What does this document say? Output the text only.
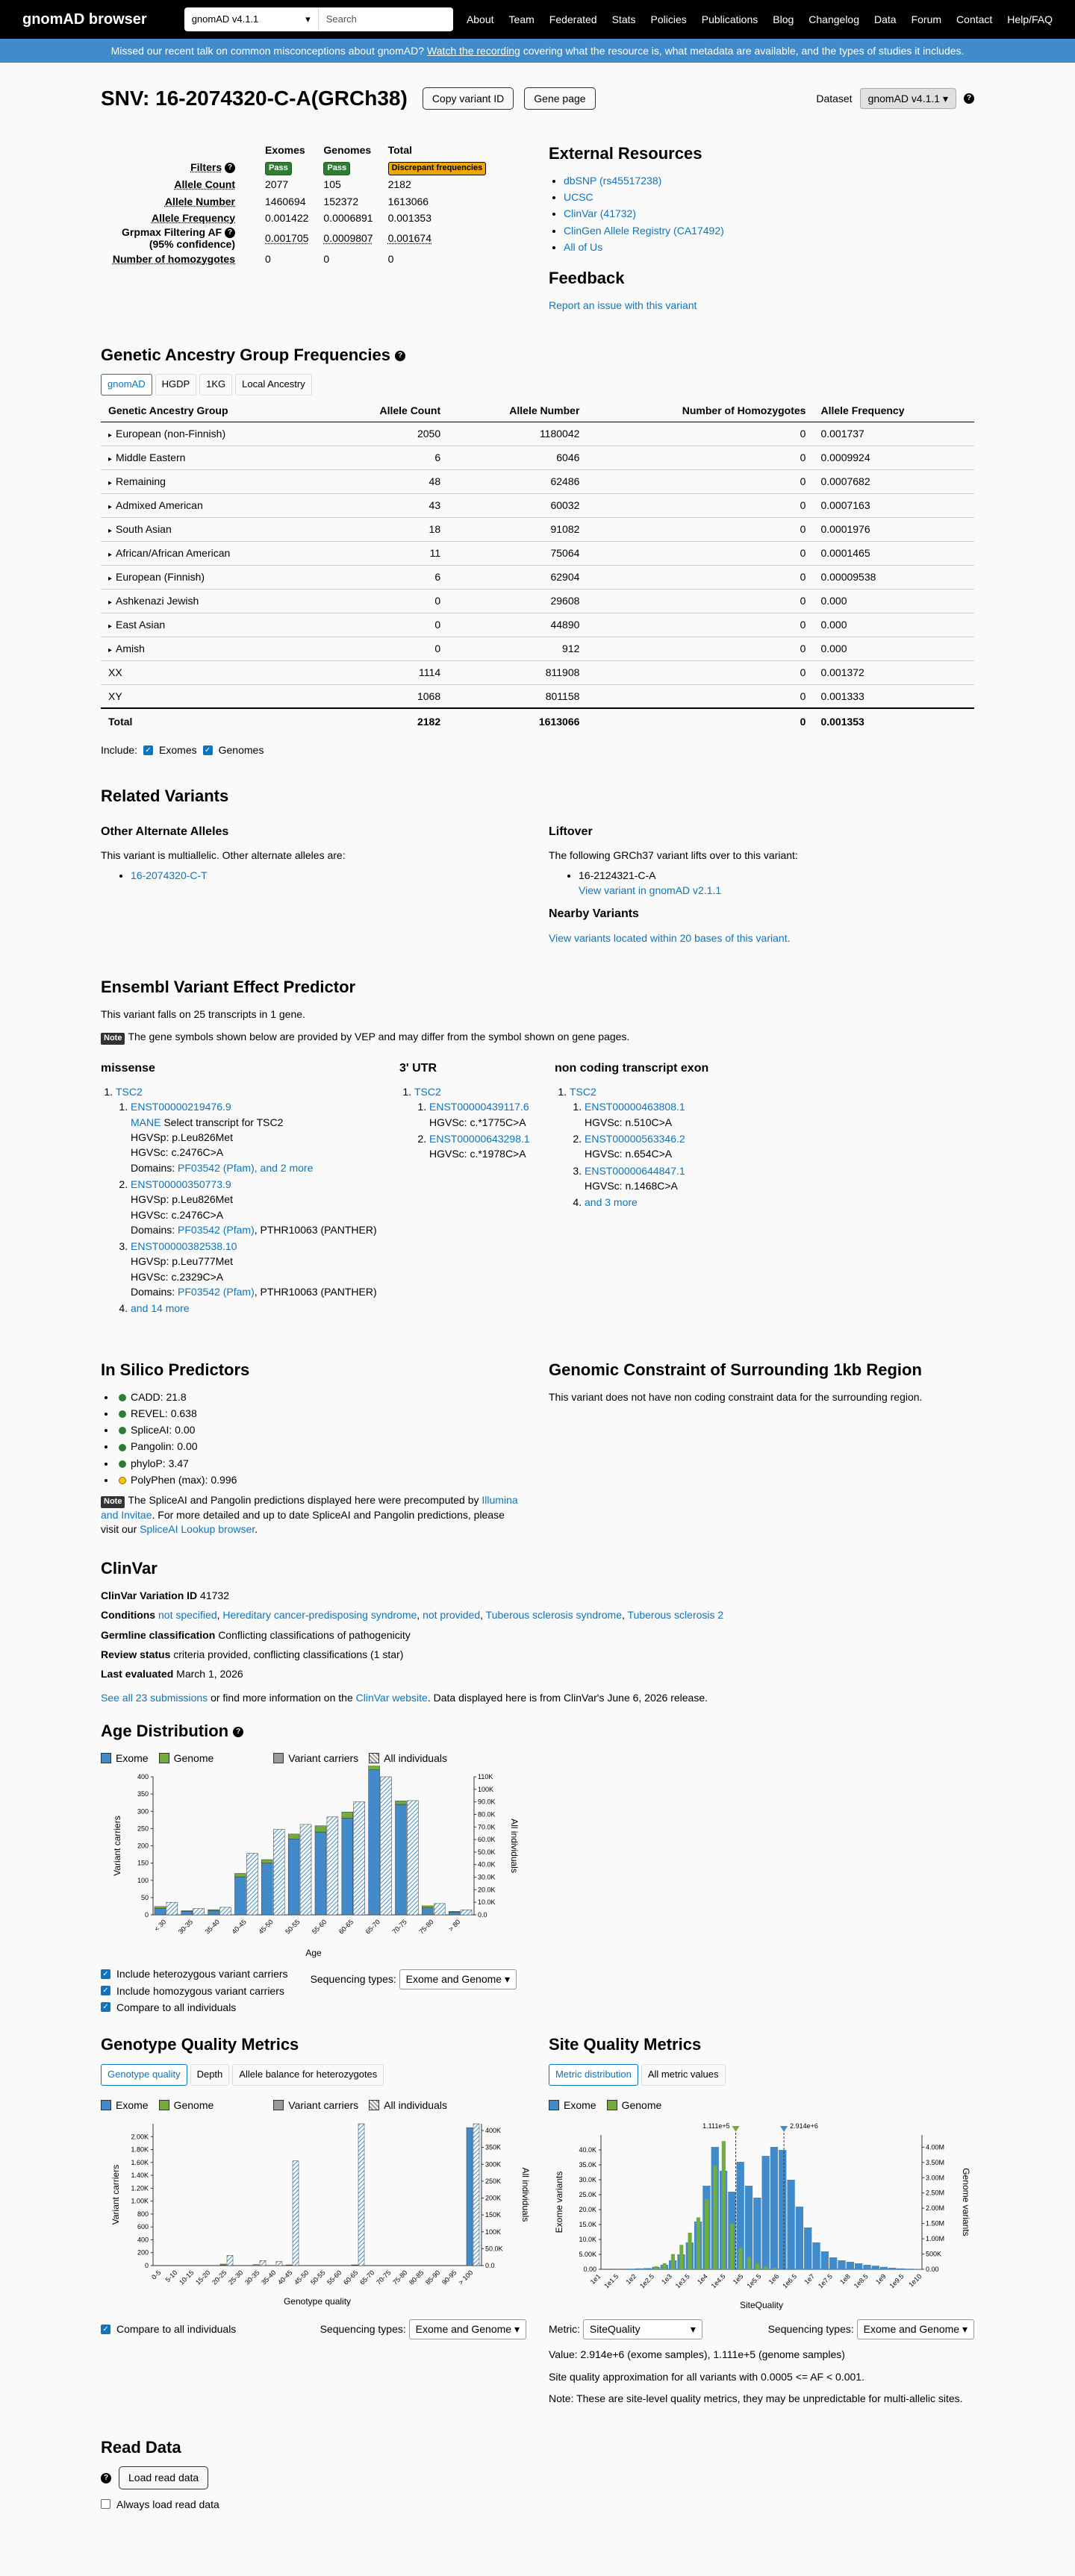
gnomAD browser	gnomAD v4.1.1	▾ Search	About Team Federated Stats Policies Publications Blog Changelog Data Forum Contact Help/FAQ
Missed our recent talk on common misconceptions about gnomAD? Watch the recording covering what the resource is, what metadata are available, and the types of studies it includes.
SNV: 16-2074320-C-A(GRCh38)	Copy variant ID	Gene page	Dataset	gnomAD v4.1.1 ▾	?
	Exomes	Genomes	Total
Filters ?	Pass	Pass	Discrepant frequencies
Allele Count	2077	105	2182
Allele Number	1460694	152372	1613066
Allele Frequency	0.001422	0.0006891	0.001353
Grpmax Filtering AF ?
(95% confidence)	0.001705	0.0009807	0.001674
Number of homozygotes	0	0	0
External Resources
• dbSNP (rs45517238)
• UCSC
• ClinVar (41732)
• ClinGen Allele Registry (CA17492)
• All of Us
Feedback
Report an issue with this variant
Genetic Ancestry Group Frequencies ?
gnomAD	HGDP	1KG	Local Ancestry
Genetic Ancestry Group	Allele Count	Allele Number	Number of Homozygotes	Allele Frequency
▸ European (non-Finnish)	2050	1180042	0	0.001737
▸ Middle Eastern	6	6046	0	0.0009924
▸ Remaining	48	62486	0	0.0007682
▸ Admixed American	43	60032	0	0.0007163
▸ South Asian	18	91082	0	0.0001976
▸ African/African American	11	75064	0	0.0001465
▸ European (Finnish)	6	62904	0	0.00009538
▸ Ashkenazi Jewish	0	29608	0	0.000
▸ East Asian	0	44890	0	0.000
▸ Amish	0	912	0	0.000
XX	1114	811908	0	0.001372
XY	1068	801158	0	0.001333
Total	2182	1613066	0	0.001353
Include: ✓ Exomes ✓ Genomes
Related Variants
Other Alternate Alleles

This variant is multiallelic. Other alternate alleles are:

• 16-2074320-C-T
Liftover

The following GRCh37 variant lifts over to this variant:

• 16-2124321-C-A
View variant in gnomAD v2.1.1
Nearby Variants
View variants located within 20 bases of this variant.
Ensembl Variant Effect Predictor

This variant falls on 25 transcripts in 1 gene.

Note The gene symbols shown below are provided by VEP and may differ from the symbol shown on gene pages.

missense
1. TSC2
1. ENST00000219476.9
MANE Select transcript for TSC2
HGVSp: p.Leu826Met
HGVSc: c.2476C>A
Domains: PF03542 (Pfam), and 2 more
2. ENST00000350773.9
HGVSp: p.Leu826Met
HGVSc: c.2476C>A
Domains: PF03542 (Pfam), PTHR10063 (PANTHER)
3. ENST00000382538.10
HGVSp: p.Leu777Met
HGVSc: c.2329C>A
Domains: PF03542 (Pfam), PTHR10063 (PANTHER)
4. and 14 more
3' UTR
1. TSC2
1. ENST00000439117.6
HGVSc: c.*1775C>A
2. ENST00000643298.1
HGVSc: c.*1978C>A
non coding transcript exon
1. TSC2
1. ENST00000463808.1
HGVSc: n.510C>A
2. ENST00000563346.2
HGVSc: n.654C>A
3. ENST00000644847.1
HGVSc: n.1468C>A
4. and 3 more
In Silico Predictors
• CADD: 21.8
• REVEL: 0.638
• SpliceAI: 0.00
• Pangolin: 0.00
• phyloP: 3.47
• PolyPhen (max): 0.996

Note The SpliceAI and Pangolin predictions displayed here were precomputed by Illumina and Invitae. For more detailed and up to date SpliceAI and Pangolin predictions, please visit our SpliceAI Lookup browser.

Genomic Constraint of Surrounding 1kb Region

This variant does not have non coding constraint data for the surrounding region.

ClinVar

ClinVar Variation ID 41732

Conditions not specified, Hereditary cancer-predisposing syndrome, not provided, Tuberous sclerosis syndrome, Tuberous sclerosis 2

Germline classification Conflicting classifications of pathogenicity

Review status criteria provided, conflicting classifications (1 star)

Last evaluated March 1, 2026

See all 23 submissions or find more information on the ClinVar website. Data displayed here is from ClinVar's June 6, 2026 release.

Age Distribution ?
Exome Genome	Variant carriers All individuals
0
50
100
150
200
250
300
350
400
0.0
10.0K
20.0K
30.0K
40.0K
50.0K
60.0K
70.0K
80.0K
90.0K
100K
110K
< 30 30-35 35-40 40-45 45-50 50-55 55-60 60-65 65-70 70-75 75-80 > 80
Variant carriers	All individuals
Age
✓ Include heterozygous variant carriers
✓ Include homozygous variant carriers
✓ Compare to all individuals
Sequencing types: Exome and Genome ▾
Genotype Quality Metrics
Genotype quality	Depth	Allele balance for heterozygotes
Exome Genome	Variant carriers All individuals
0
200
400
600
800
1.00K
1.20K
1.40K
1.60K
1.80K
2.00K
0.0
50.0K
100K
150K
200K
250K
300K
350K
400K
0-5 5-10
10-15
15-20
20-25
25-30
30-35
35-40
40-45
45-50
50-55
55-60
60-65
65-70
70-75
75-80
80-85
85-90
90-95
> 100
Variant carriers	All individuals
Genotype quality
✓ Compare to all individuals	Sequencing types: Exome and Genome ▾
Site Quality Metrics
Metric distribution	All metric values
Exome Genome
0.00
5.00K
10.0K
15.0K
20.0K
25.0K
30.0K
35.0K
40.0K
0.00
500K
1.00M
1.50M
2.00M
2.50M
3.00M
3.50M
4.00M
1e1 1e1.5 1e2 1e2.5 1e3 1e3.5 1e4 1e4.5 1e5 1e5.5 1e6 1e6.5 1e7 1e7.5 1e8 1e8.5 1e9 1e9.5 1e10
1.111e+5	2.914e+6
Exome variants	Genome variants
SiteQuality
Metric:
SiteQuality	▾	Sequencing types: Exome and Genome ▾

Value: 2.914e+6 (exome samples), 1.111e+5 (genome samples)

Site quality approximation for all variants with 0.0005 <= AF < 0.001.

Note: These are site-level quality metrics, they may be unpredictable for multi-allelic sites.

Read Data
?	Load read data
Always load read data
